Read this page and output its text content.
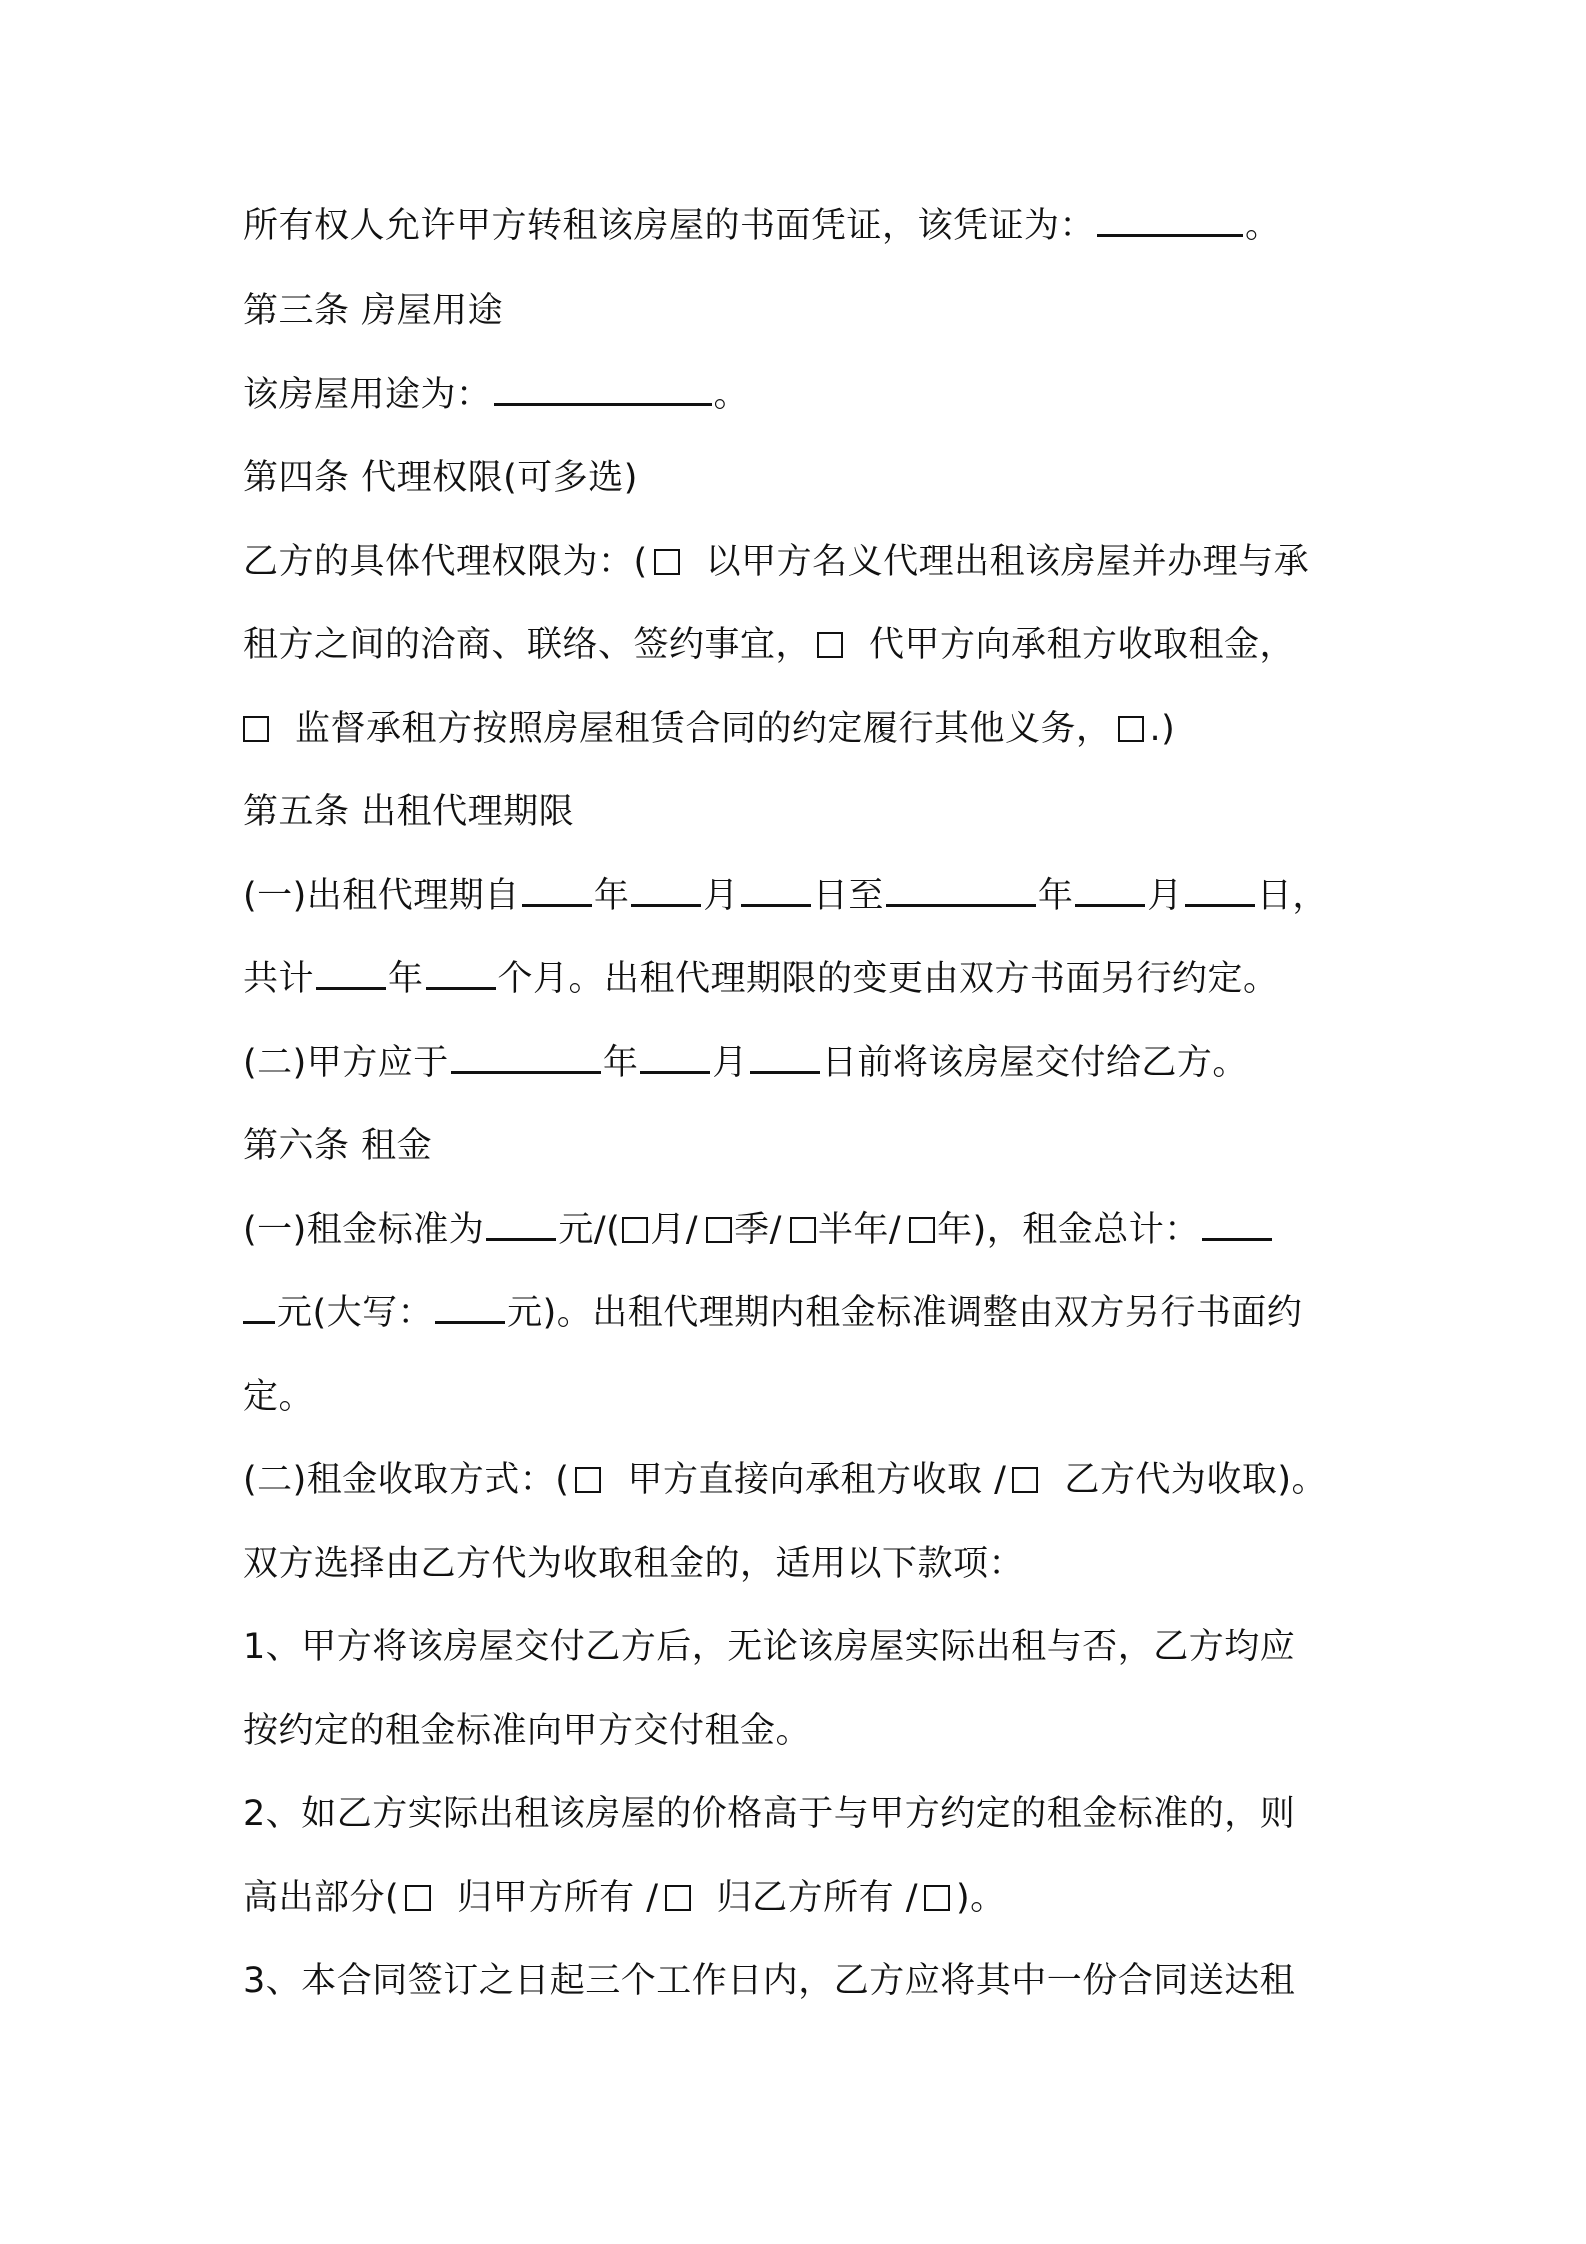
所有权人允许甲方转租该房屋的书面凭证，该凭证为：	。
第三条 房屋用途
该房屋用途为：	。
第四条 代理权限(可多选)
乙方的具体代理权限为：( 以甲方名义代理出租该房屋并办理与承
租方之间的洽商、联络、签约事宜， 代甲方向承租方收取租金，
监督承租方按照房屋租赁合同的约定履行其他义务， .)
第五条 出租代理期限
(一)出租代理期自 年 月 日至	年 月 日，
共计 年 个月。出租代理期限的变更由双方书面另行约定。
(二)甲方应于	年 月 日前将该房屋交付给乙方。
第六条 租金
(一)租金标准为 元/( 月/ 季/ 半年/ 年)，租金总计：
元(大写： 元)。出租代理期内租金标准调整由双方另行书面约
定。
(二)租金收取方式：( 甲方直接向承租方收取 / 乙方代为收取)。
双方选择由乙方代为收取租金的，适用以下款项：
1、甲方将该房屋交付乙方后，无论该房屋实际出租与否，乙方均应
按约定的租金标准向甲方交付租金。
2、如乙方实际出租该房屋的价格高于与甲方约定的租金标准的，则
高出部分( 归甲方所有 / 归乙方所有 / )。
3、本合同签订之日起三个工作日内，乙方应将其中一份合同送达租
